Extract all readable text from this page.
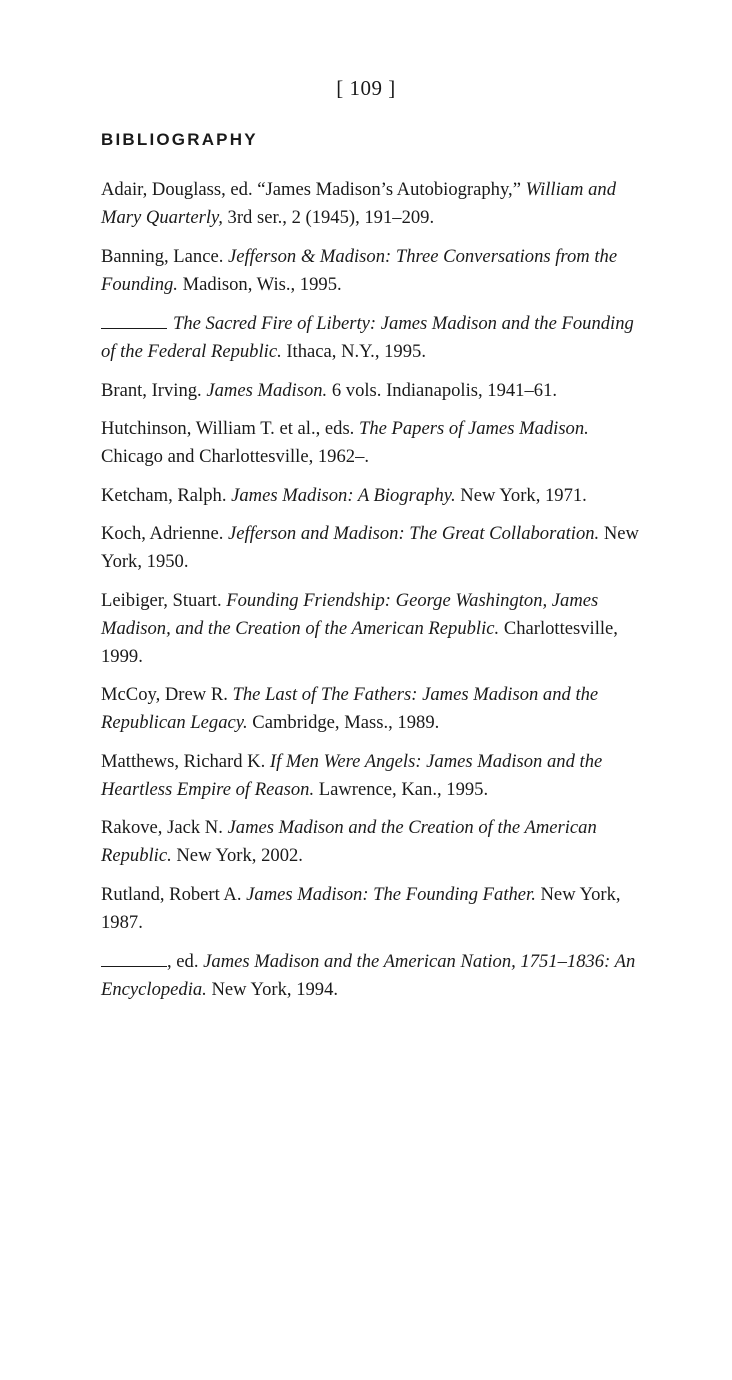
[ 109 ]
BIBLIOGRAPHY

Adair, Douglass, ed. “James Madison’s Autobiography,” William and Mary Quarterly, 3rd ser., 2 (1945), 191–209.

Banning, Lance. Jefferson & Madison: Three Conversations from the Founding. Madison, Wis., 1995.

The Sacred Fire of Liberty: James Madison and the Founding of the Federal Republic. Ithaca, N.Y., 1995.

Brant, Irving. James Madison. 6 vols. Indianapolis, 1941–61.

Hutchinson, William T. et al., eds. The Papers of James Madison. Chicago and Charlottesville, 1962–.

Ketcham, Ralph. James Madison: A Biography. New York, 1971.

Koch, Adrienne. Jefferson and Madison: The Great Collaboration. New York, 1950.

Leibiger, Stuart. Founding Friendship: George Washington, James Madison, and the Creation of the American Republic. Charlottesville, 1999.

McCoy, Drew R. The Last of The Fathers: James Madison and the Republican Legacy. Cambridge, Mass., 1989.

Matthews, Richard K. If Men Were Angels: James Madison and the Heartless Empire of Reason. Lawrence, Kan., 1995.

Rakove, Jack N. James Madison and the Creation of the American Republic. New York, 2002.

Rutland, Robert A. James Madison: The Founding Father. New York, 1987.

, ed. James Madison and the American Nation, 1751–1836: An Encyclopedia. New York, 1994.
